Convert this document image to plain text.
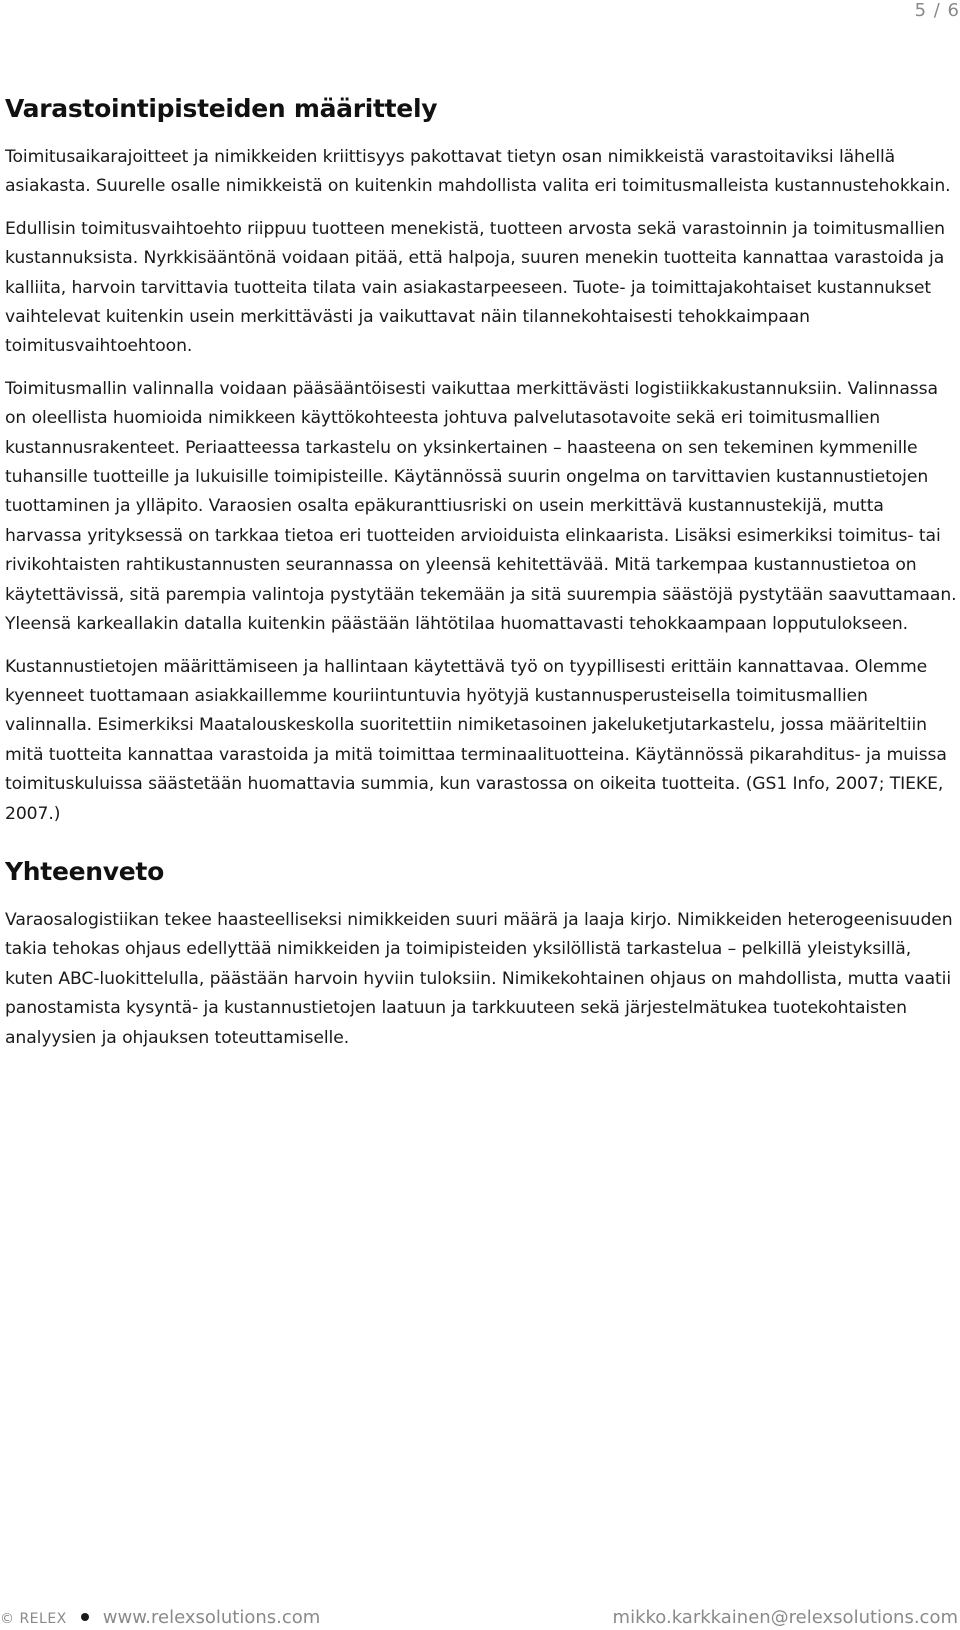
5 / 6
Varastointipisteiden määrittely

Toimitusaikarajoitteet ja nimikkeiden kriittisyys pakottavat tietyn osan nimikkeistä varastoitaviksi lähellä asiakasta. Suurelle osalle nimikkeistä on kuitenkin mahdollista valita eri toimitusmalleista kustannustehokkain.

Edullisin toimitusvaihtoehto riippuu tuotteen menekistä, tuotteen arvosta sekä varastoinnin ja toimitusmallien kustannuksista. Nyrkkisääntönä voidaan pitää, että halpoja, suuren menekin tuotteita kannattaa varastoida ja kalliita, harvoin tarvittavia tuotteita tilata vain asiakastarpeeseen. Tuote- ja toimittajakohtaiset kustannukset vaihtelevat kuitenkin usein merkittävästi ja vaikuttavat näin tilannekohtaisesti tehokkaimpaan toimitusvaihtoehtoon.

Toimitusmallin valinnalla voidaan pääsääntöisesti vaikuttaa merkittävästi logistiikkakustannuksiin. Valinnassa on oleellista huomioida nimikkeen käyttökohteesta johtuva palvelutasotavoite sekä eri toimitusmallien kustannusrakenteet. Periaatteessa tarkastelu on yksinkertainen – haasteena on sen tekeminen kymmenille tuhansille tuotteille ja lukuisille toimipisteille. Käytännössä suurin ongelma on tarvittavien kustannustietojen tuottaminen ja ylläpito. Varaosien osalta epäkuranttiusriski on usein merkittävä kustannustekijä, mutta harvassa yrityksessä on tarkkaa tietoa eri tuotteiden arvioiduista elinkaarista. Lisäksi esimerkiksi toimitus- tai rivikohtaisten rahtikustannusten seurannassa on yleensä kehitettävää. Mitä tarkempaa kustannustietoa on käytettävissä, sitä parempia valintoja pystytään tekemään ja sitä suurempia säästöjä pystytään saavuttamaan. Yleensä karkeallakin datalla kuitenkin päästään lähtötilaa huomattavasti tehokkaampaan lopputulokseen.

Kustannustietojen määrittämiseen ja hallintaan käytettävä työ on tyypillisesti erittäin kannattavaa. Olemme kyenneet tuottamaan asiakkaillemme kouriintuntuvia hyötyjä kustannusperusteisella toimitusmallien valinnalla. Esimerkiksi Maatalouskeskolla suoritettiin nimiketasoinen jakeluketjutarkastelu, jossa määriteltiin mitä tuotteita kannattaa varastoida ja mitä toimittaa terminaalituotteina. Käytännössä pikarahditus- ja muissa toimituskuluissa säästetään huomattavia summia, kun varastossa on oikeita tuotteita. (GS1 Info, 2007; TIEKE, 2007.)

Yhteenveto

Varaosalogistiikan tekee haasteelliseksi nimikkeiden suuri määrä ja laaja kirjo. Nimikkeiden heterogeenisuuden takia tehokas ohjaus edellyttää nimikkeiden ja toimipisteiden yksilöllistä tarkastelua – pelkillä yleistyksillä, kuten ABC-luokittelulla, päästään harvoin hyviin tuloksiin. Nimikekohtainen ohjaus on mahdollista, mutta vaatii panostamista kysyntä- ja kustannustietojen laatuun ja tarkkuuteen sekä järjestelmätukea tuotekohtaisten analyysien ja ohjauksen toteuttamiselle.

© RELEX www.relexsolutions.com	mikko.karkkainen@relexsolutions.com
